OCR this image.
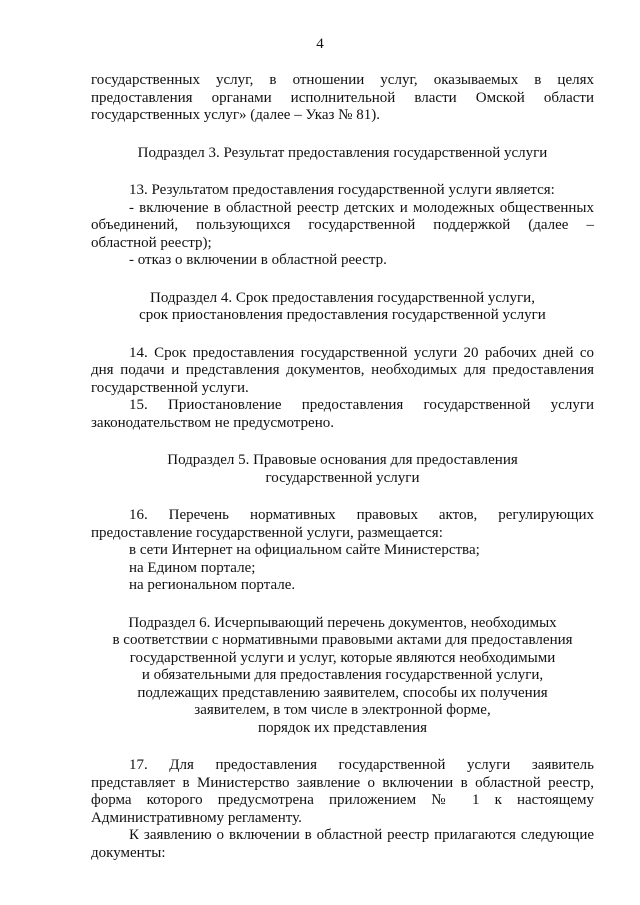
4

государственных услуг, в отношении услуг, оказываемых в целях

предоставления органами исполнительной власти Омской области

государственных услуг» (далее – Указ № 81).

Подраздел 3. Результат предоставления государственной услуги

13. Результатом предоставления государственной услуги является:

- включение в областной реестр детских и молодежных общественных

объединений, пользующихся государственной поддержкой (далее –

областной реестр);

- отказ о включении в областной реестр.

Подраздел 4. Срок предоставления государственной услуги,

срок приостановления предоставления государственной услуги

14. Срок предоставления государственной услуги 20 рабочих дней со

дня подачи и представления документов, необходимых для предоставления

государственной услуги.

15. Приостановление предоставления государственной услуги

законодательством не предусмотрено.

Подраздел 5. Правовые основания для предоставления

государственной услуги

16. Перечень нормативных правовых актов, регулирующих

предоставление государственной услуги, размещается:

в сети Интернет на официальном сайте Министерства;

на Едином портале;

на региональном портале.

Подраздел 6. Исчерпывающий перечень документов, необходимых

в соответствии с нормативными правовыми актами для предоставления

государственной услуги и услуг, которые являются необходимыми

и обязательными для предоставления государственной услуги,

подлежащих представлению заявителем, способы их получения

заявителем, в том числе в электронной форме,

порядок их представления

17. Для предоставления государственной услуги заявитель

представляет в Министерство заявление о включении в областной реестр,

форма которого предусмотрена приложением № 1 к настоящему

Административному регламенту.

К заявлению о включении в областной реестр прилагаются следующие

документы:
